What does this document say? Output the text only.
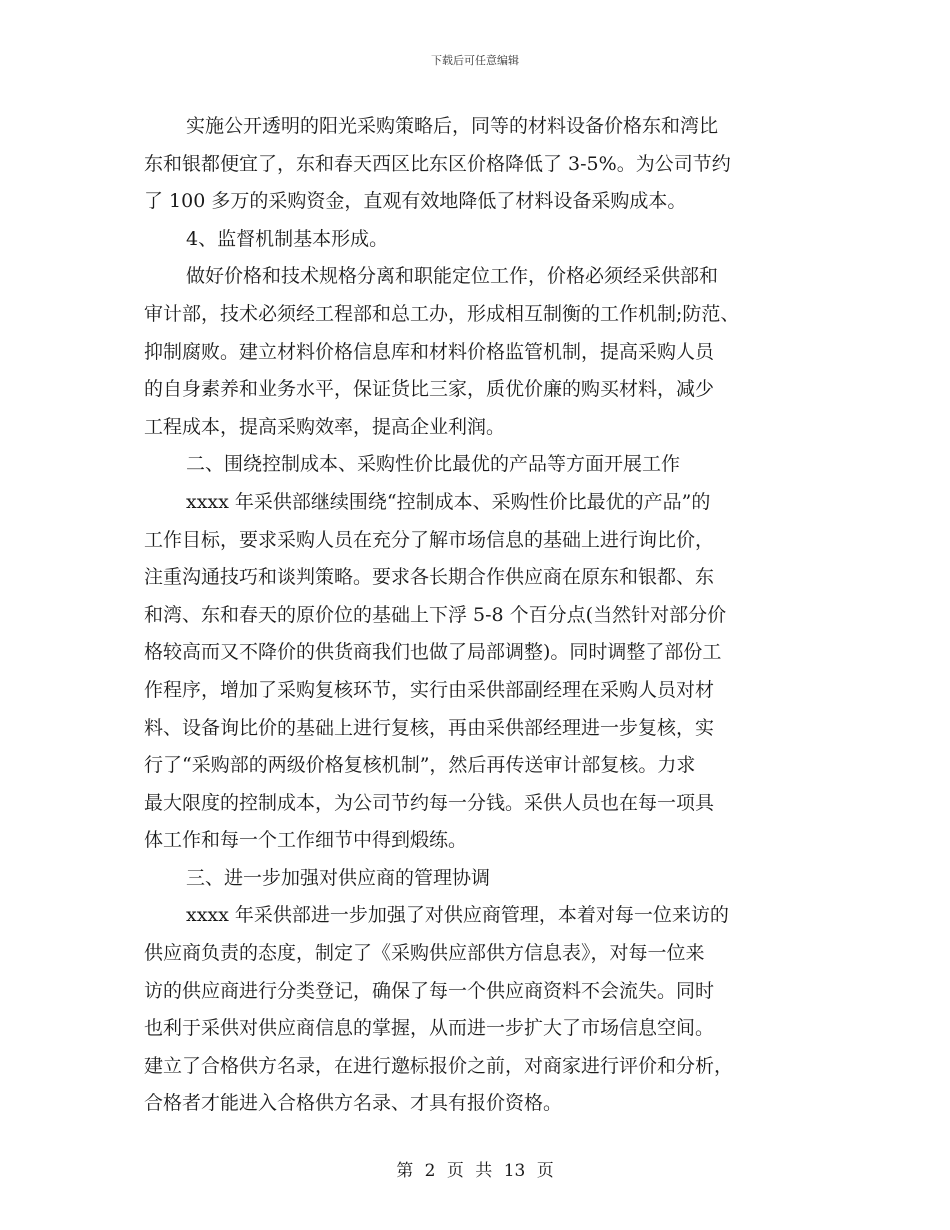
下载后可任意编辑
实施公开透明的阳光采购策略后，同等的材料设备价格东和湾比
东和银都便宜了，东和春天西区比东区价格降低了 3-5%。为公司节约
了 100 多万的采购资金，直观有效地降低了材料设备采购成本。
4、监督机制基本形成。
做好价格和技术规格分离和职能定位工作，价格必须经采供部和
审计部，技术必须经工程部和总工办，形成相互制衡的工作机制;防范、
抑制腐败。建立材料价格信息库和材料价格监管机制，提高采购人员
的自身素养和业务水平，保证货比三家，质优价廉的购买材料，减少
工程成本，提高采购效率，提高企业利润。
二、围绕控制成本、采购性价比最优的产品等方面开展工作
xxxx 年采供部继续围绕“控制成本、采购性价比最优的产品”的
工作目标，要求采购人员在充分了解市场信息的基础上进行询比价，
注重沟通技巧和谈判策略。要求各长期合作供应商在原东和银都、东
和湾、东和春天的原价位的基础上下浮 5-8 个百分点(当然针对部分价
格较高而又不降价的供货商我们也做了局部调整)。同时调整了部份工
作程序，增加了采购复核环节，实行由采供部副经理在采购人员对材
料、设备询比价的基础上进行复核，再由采供部经理进一步复核，实
行了“采购部的两级价格复核机制”，然后再传送审计部复核。力求
最大限度的控制成本，为公司节约每一分钱。采供人员也在每一项具
体工作和每一个工作细节中得到煅练。
三、进一步加强对供应商的管理协调
xxxx 年采供部进一步加强了对供应商管理，本着对每一位来访的
供应商负责的态度，制定了《采购供应部供方信息表》，对每一位来
访的供应商进行分类登记，确保了每一个供应商资料不会流失。同时
也利于采供对供应商信息的掌握，从而进一步扩大了市场信息空间。
建立了合格供方名录，在进行邀标报价之前，对商家进行评价和分析，
合格者才能进入合格供方名录、才具有报价资格。
第 2 页 共 13 页
